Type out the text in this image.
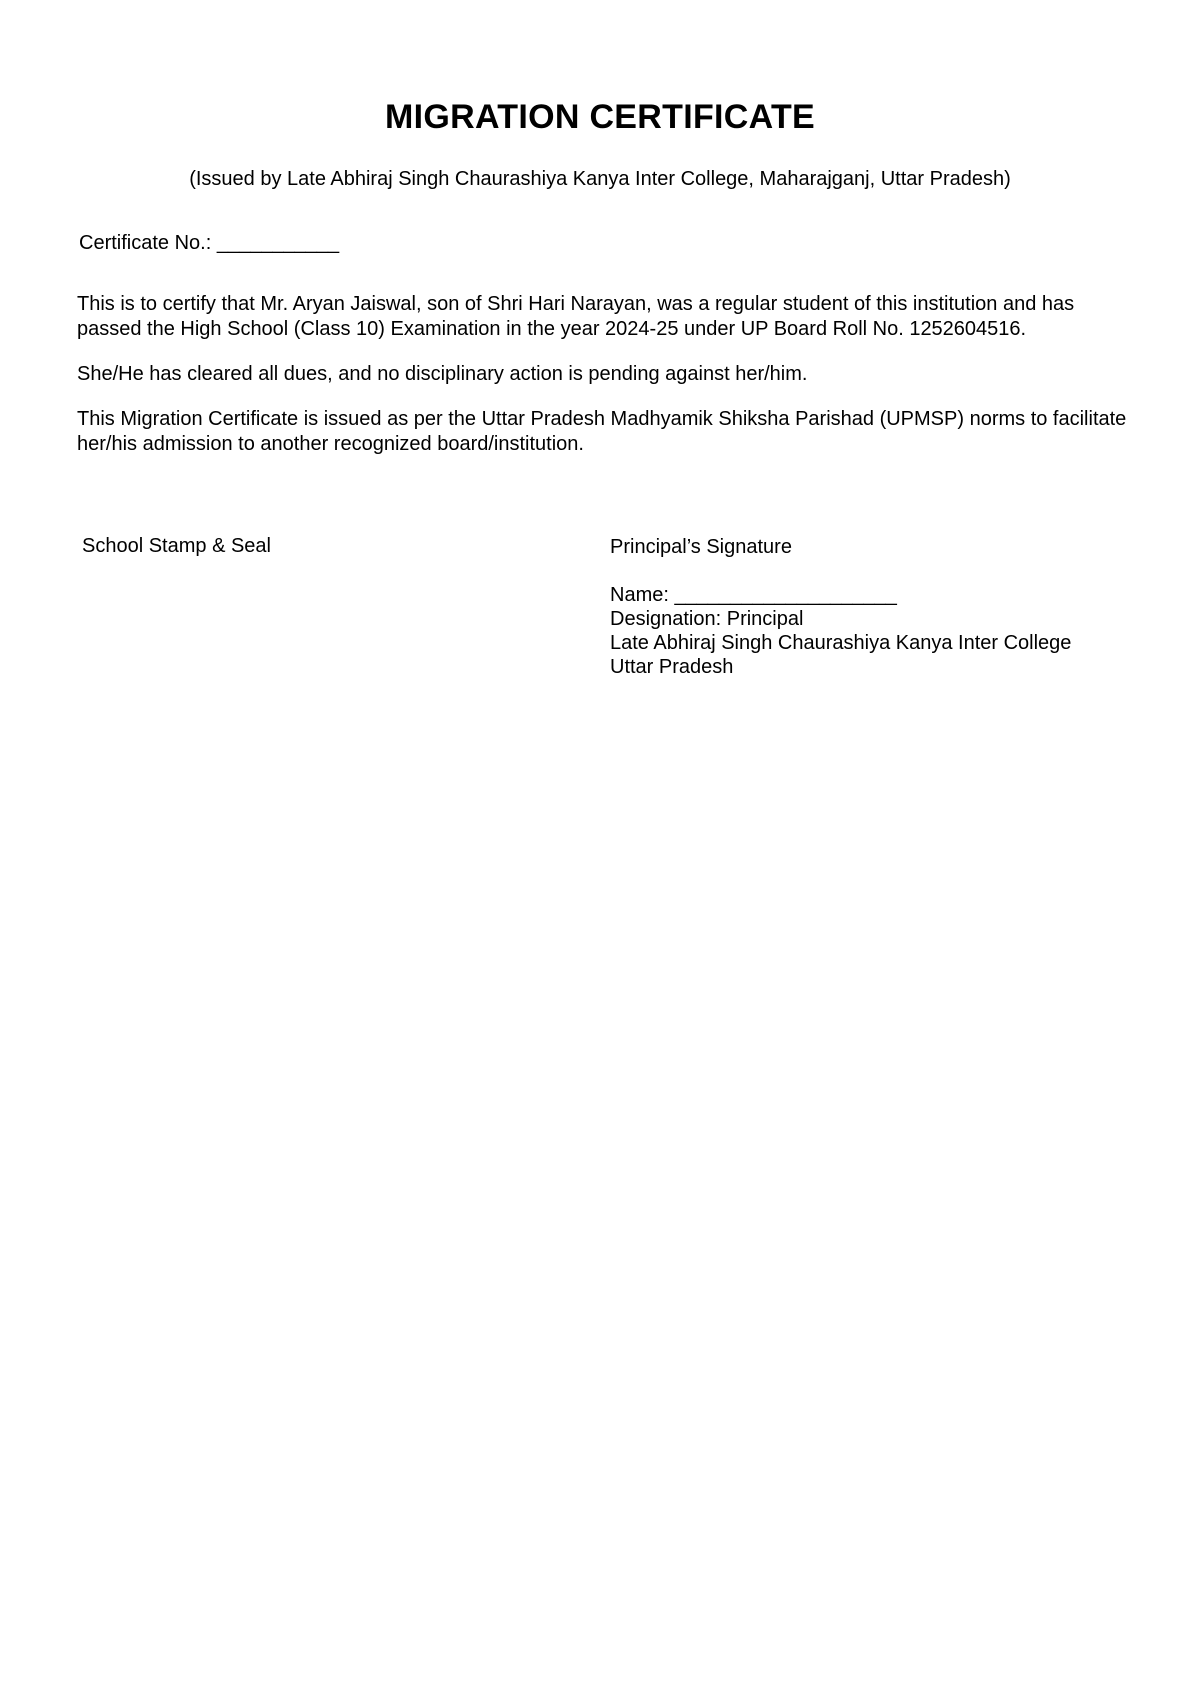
MIGRATION CERTIFICATE

(Issued by Late Abhiraj Singh Chaurashiya Kanya Inter College, Maharajganj, Uttar Pradesh)

Certificate No.: ___________

This is to certify that Mr. Aryan Jaiswal, son of Shri Hari Narayan, was a regular student of this institution and has passed the High School (Class 10) Examination in the year 2024-25 under UP Board Roll No. 1252604516.

She/He has cleared all dues, and no disciplinary action is pending against her/him.

This Migration Certificate is issued as per the Uttar Pradesh Madhyamik Shiksha Parishad (UPMSP) norms to facilitate her/his admission to another recognized board/institution.

School Stamp & Seal	Principal’s Signature

Name: ____________________

Designation: Principal

Late Abhiraj Singh Chaurashiya Kanya Inter College

Uttar Pradesh
